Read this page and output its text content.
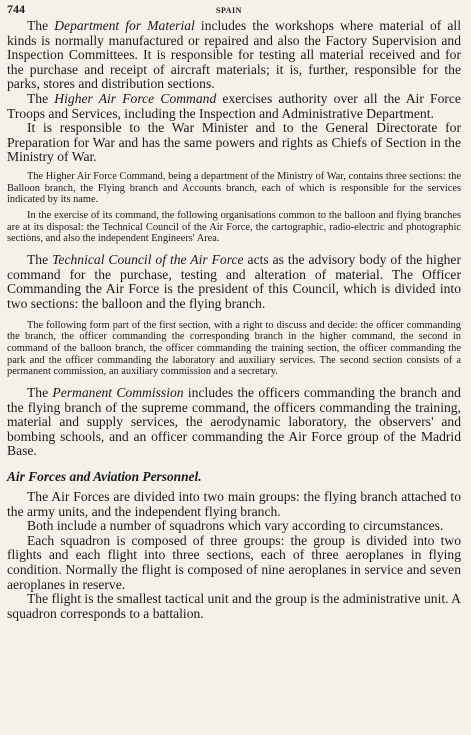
744	SPAIN

The Department for Material includes the workshops where material of all kinds is normally manufactured or repaired and also the Factory Supervision and Inspection Committees. It is responsible for testing all material received and for the purchase and receipt of aircraft materials; it is, further, responsible for the parks, stores and distribution sections.

The Higher Air Force Command exercises authority over all the Air Force Troops and Services, including the Inspection and Administrative Department.

It is responsible to the War Minister and to the General Directorate for Preparation for War and has the same powers and rights as Chiefs of Section in the Ministry of War.

The Higher Air Force Command, being a department of the Ministry of War, contains three sections: the Balloon branch, the Flying branch and Accounts branch, each of which is responsible for the services indicated by its name.

In the exercise of its command, the following organisations common to the balloon and flying branches are at its disposal: the Technical Council of the Air Force, the cartographic, radio-electric and photographic sections, and also the independent Engineers' Area.

The Technical Council of the Air Force acts as the advisory body of the higher command for the purchase, testing and alteration of material. The Officer Commanding the Air Force is the president of this Council, which is divided into two sections: the balloon and the flying branch.

The following form part of the first section, with a right to discuss and decide: the officer commanding the branch, the officer commanding the corresponding branch in the higher command, the second in command of the balloon branch, the officer commanding the training section, the officer commanding the park and the officer commanding the laboratory and auxiliary services. The second section consists of a permanent commission, an auxiliary commission and a secretary.

The Permanent Commission includes the officers commanding the branch and the flying branch of the supreme command, the officers commanding the training, material and supply services, the aerodynamic laboratory, the observers' and bombing schools, and an officer commanding the Air Force group of the Madrid Base.

Air Forces and Aviation Personnel.

The Air Forces are divided into two main groups: the flying branch attached to the army units, and the independent flying branch.

Both include a number of squadrons which vary according to circumstances.

Each squadron is composed of three groups: the group is divided into two flights and each flight into three sections, each of three aeroplanes in flying condition. Normally the flight is composed of nine aeroplanes in service and seven aeroplanes in reserve.

The flight is the smallest tactical unit and the group is the administrative unit. A squadron corresponds to a battalion.
